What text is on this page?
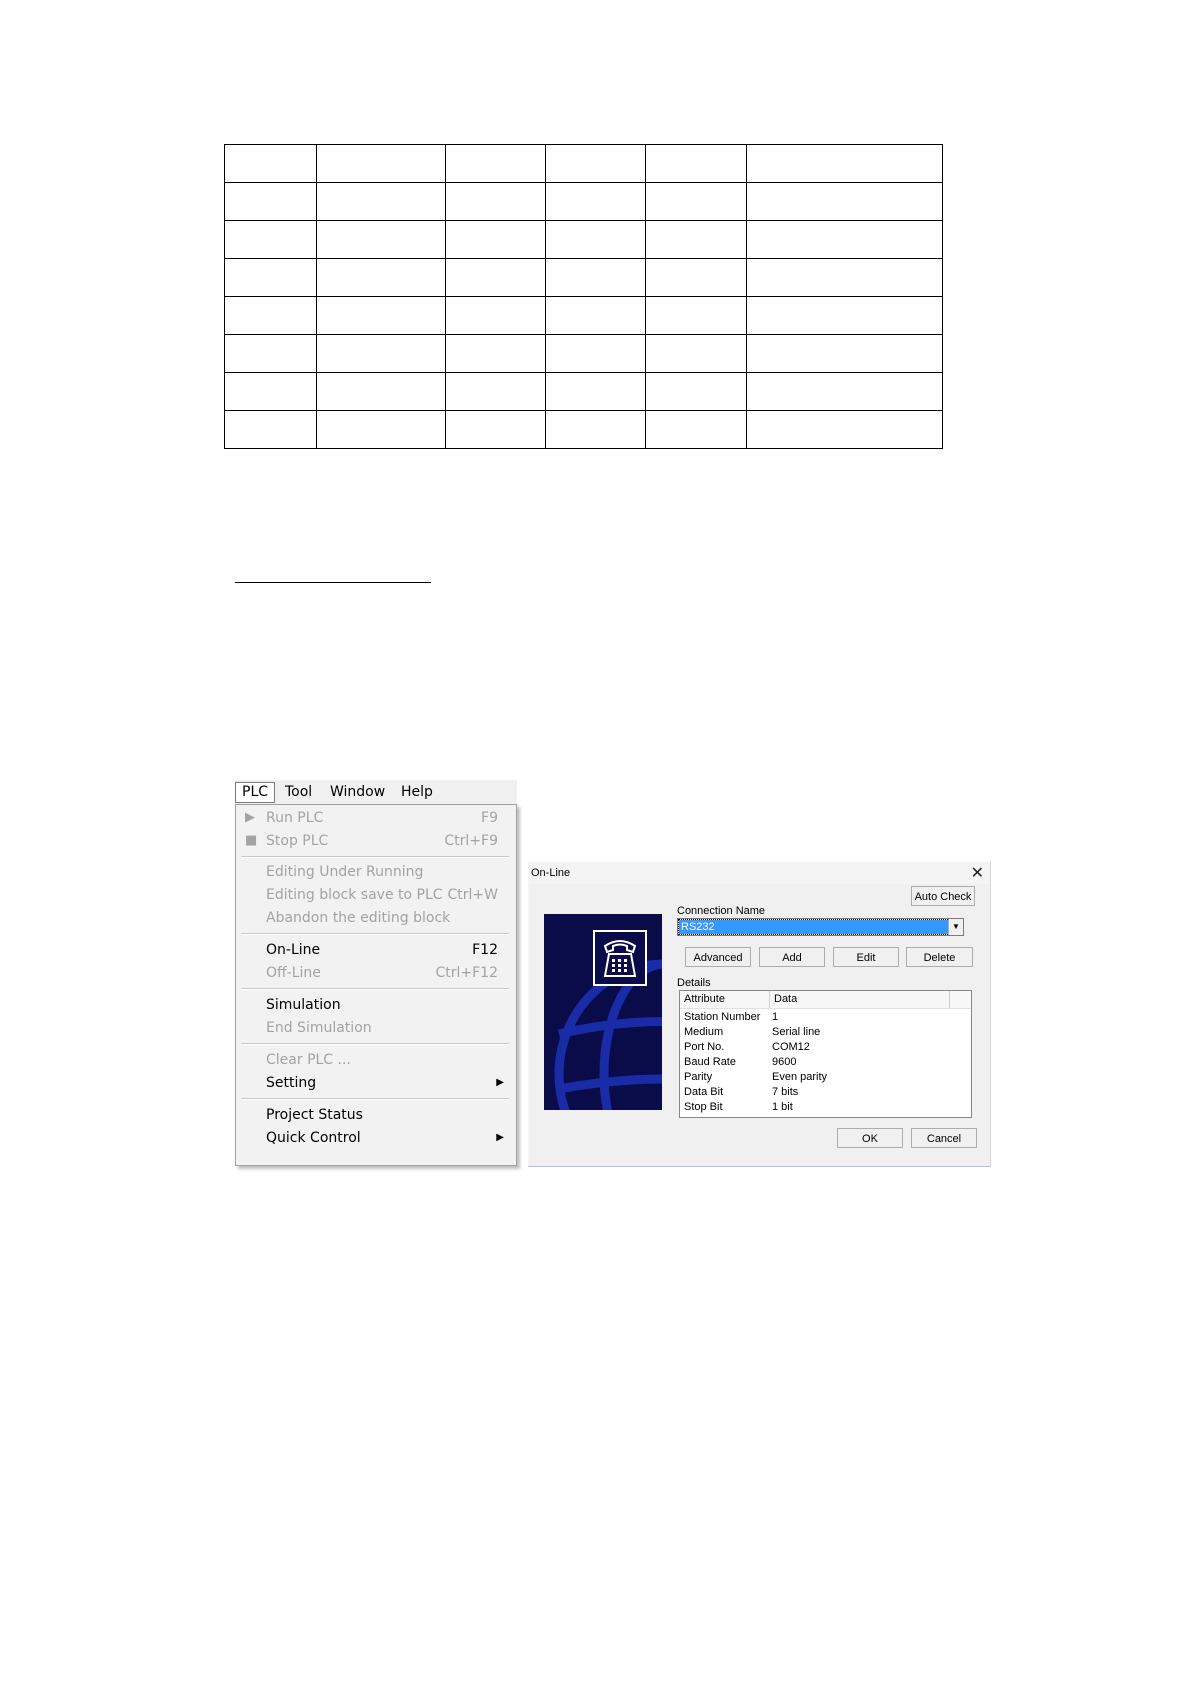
PLC	Tool	Window	Help
▶ Run PLC	F9
■ Stop PLC	Ctrl+F9
Editing Under Running
Editing block save to PLC Ctrl+W
Abandon the editing block
On-Line	F12
Off-Line	Ctrl+F12
Simulation
End Simulation
Clear PLC ...
Setting	▶
Project Status
Quick Control	▶
On-Line	✕
Auto Check
Connection Name
RS232	▼
Advanced	Add	Edit	Delete
Details
Attribute	Data
Station Number 1
Medium	Serial line
Port No.	COM12
Baud Rate	9600
Parity	Even parity
Data Bit	7 bits
Stop Bit	1 bit
OK	Cancel
